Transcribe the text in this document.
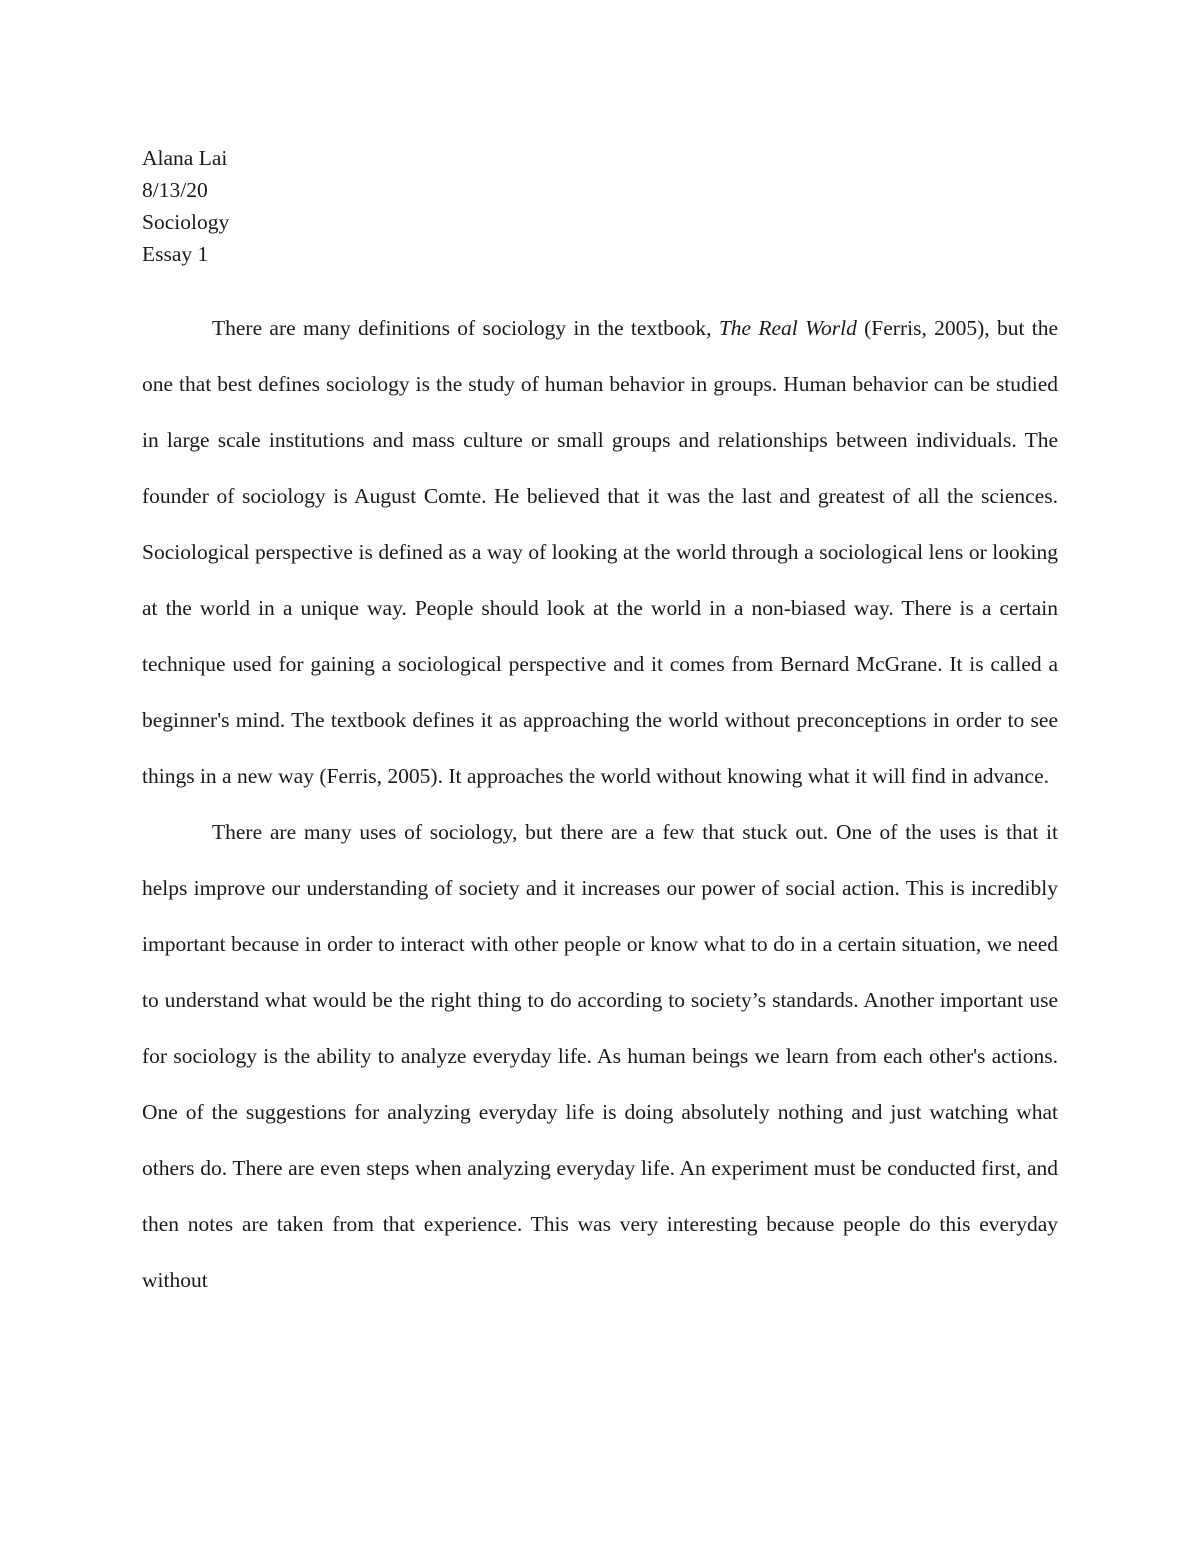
Alana Lai
8/13/20
Sociology
Essay 1

There are many definitions of sociology in the textbook, The Real World (Ferris, 2005), but the one that best defines sociology is the study of human behavior in groups. Human behavior can be studied in large scale institutions and mass culture or small groups and relationships between individuals. The founder of sociology is August Comte. He believed that it was the last and greatest of all the sciences. Sociological perspective is defined as a way of looking at the world through a sociological lens or looking at the world in a unique way. People should look at the world in a non-biased way. There is a certain technique used for gaining a sociological perspective and it comes from Bernard McGrane. It is called a beginner's mind. The textbook defines it as approaching the world without preconceptions in order to see things in a new way (Ferris, 2005). It approaches the world without knowing what it will find in advance.

There are many uses of sociology, but there are a few that stuck out. One of the uses is that it helps improve our understanding of society and it increases our power of social action. This is incredibly important because in order to interact with other people or know what to do in a certain situation, we need to understand what would be the right thing to do according to society’s standards. Another important use for sociology is the ability to analyze everyday life. As human beings we learn from each other's actions. One of the suggestions for analyzing everyday life is doing absolutely nothing and just watching what others do. There are even steps when analyzing everyday life. An experiment must be conducted first, and then notes are taken from that experience. This was very interesting because people do this everyday without
